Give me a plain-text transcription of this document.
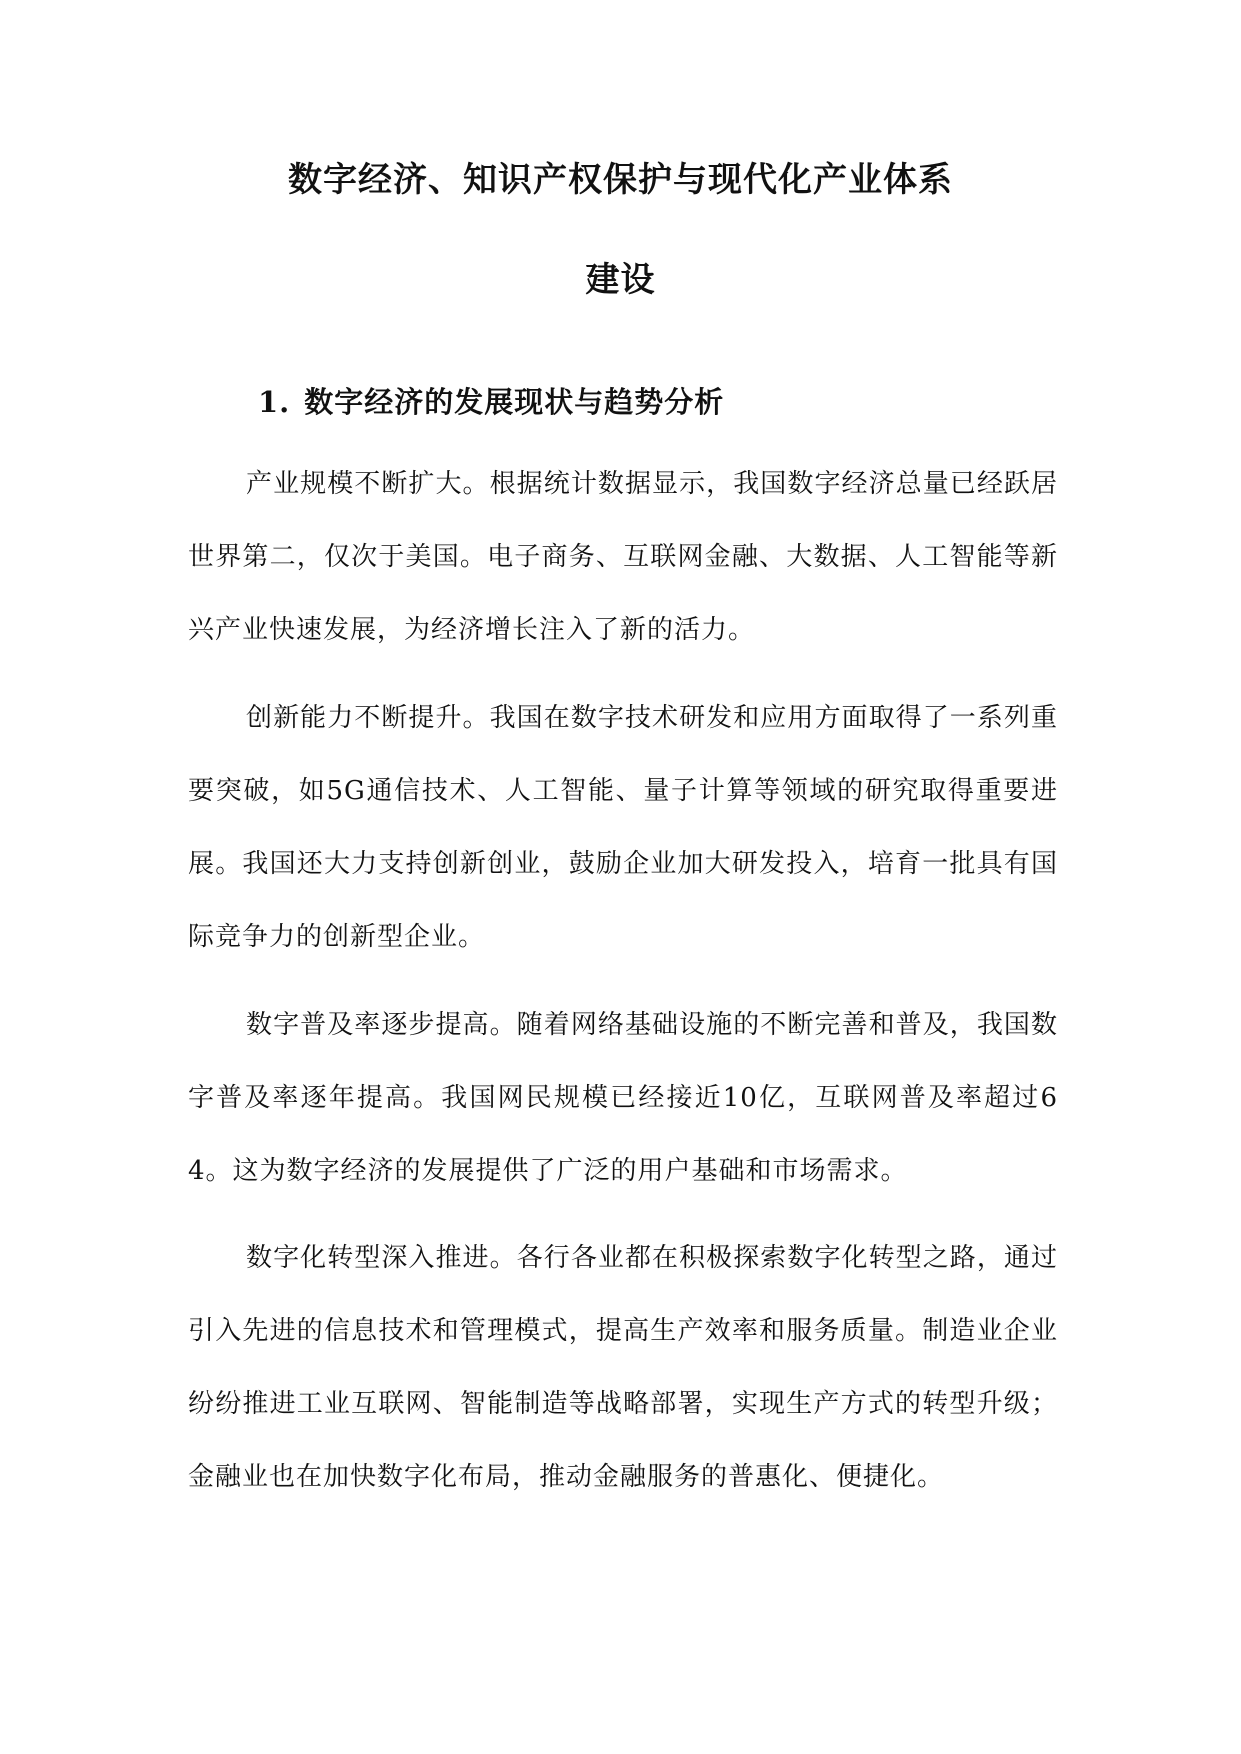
数字经济、知识产权保护与现代化产业体系
建设
1. 数字经济的发展现状与趋势分析

产业规模不断扩大。根据统计数据显示，我国数字经济总量已经跃居世界第二，仅次于美国。电子商务、互联网金融、大数据、人工智能等新兴产业快速发展，为经济增长注入了新的活力。

创新能力不断提升。我国在数字技术研发和应用方面取得了一系列重要突破，如5G通信技术、人工智能、量子计算等领域的研究取得重要进展。我国还大力支持创新创业，鼓励企业加大研发投入，培育一批具有国际竞争力的创新型企业。

数字普及率逐步提高。随着网络基础设施的不断完善和普及，我国数字普及率逐年提高。我国网民规模已经接近10亿，互联网普及率超过64。这为数字经济的发展提供了广泛的用户基础和市场需求。

数字化转型深入推进。各行各业都在积极探索数字化转型之路，通过引入先进的信息技术和管理模式，提高生产效率和服务质量。制造业企业纷纷推进工业互联网、智能制造等战略部署，实现生产方式的转型升级；金融业也在加快数字化布局，推动金融服务的普惠化、便捷化。
